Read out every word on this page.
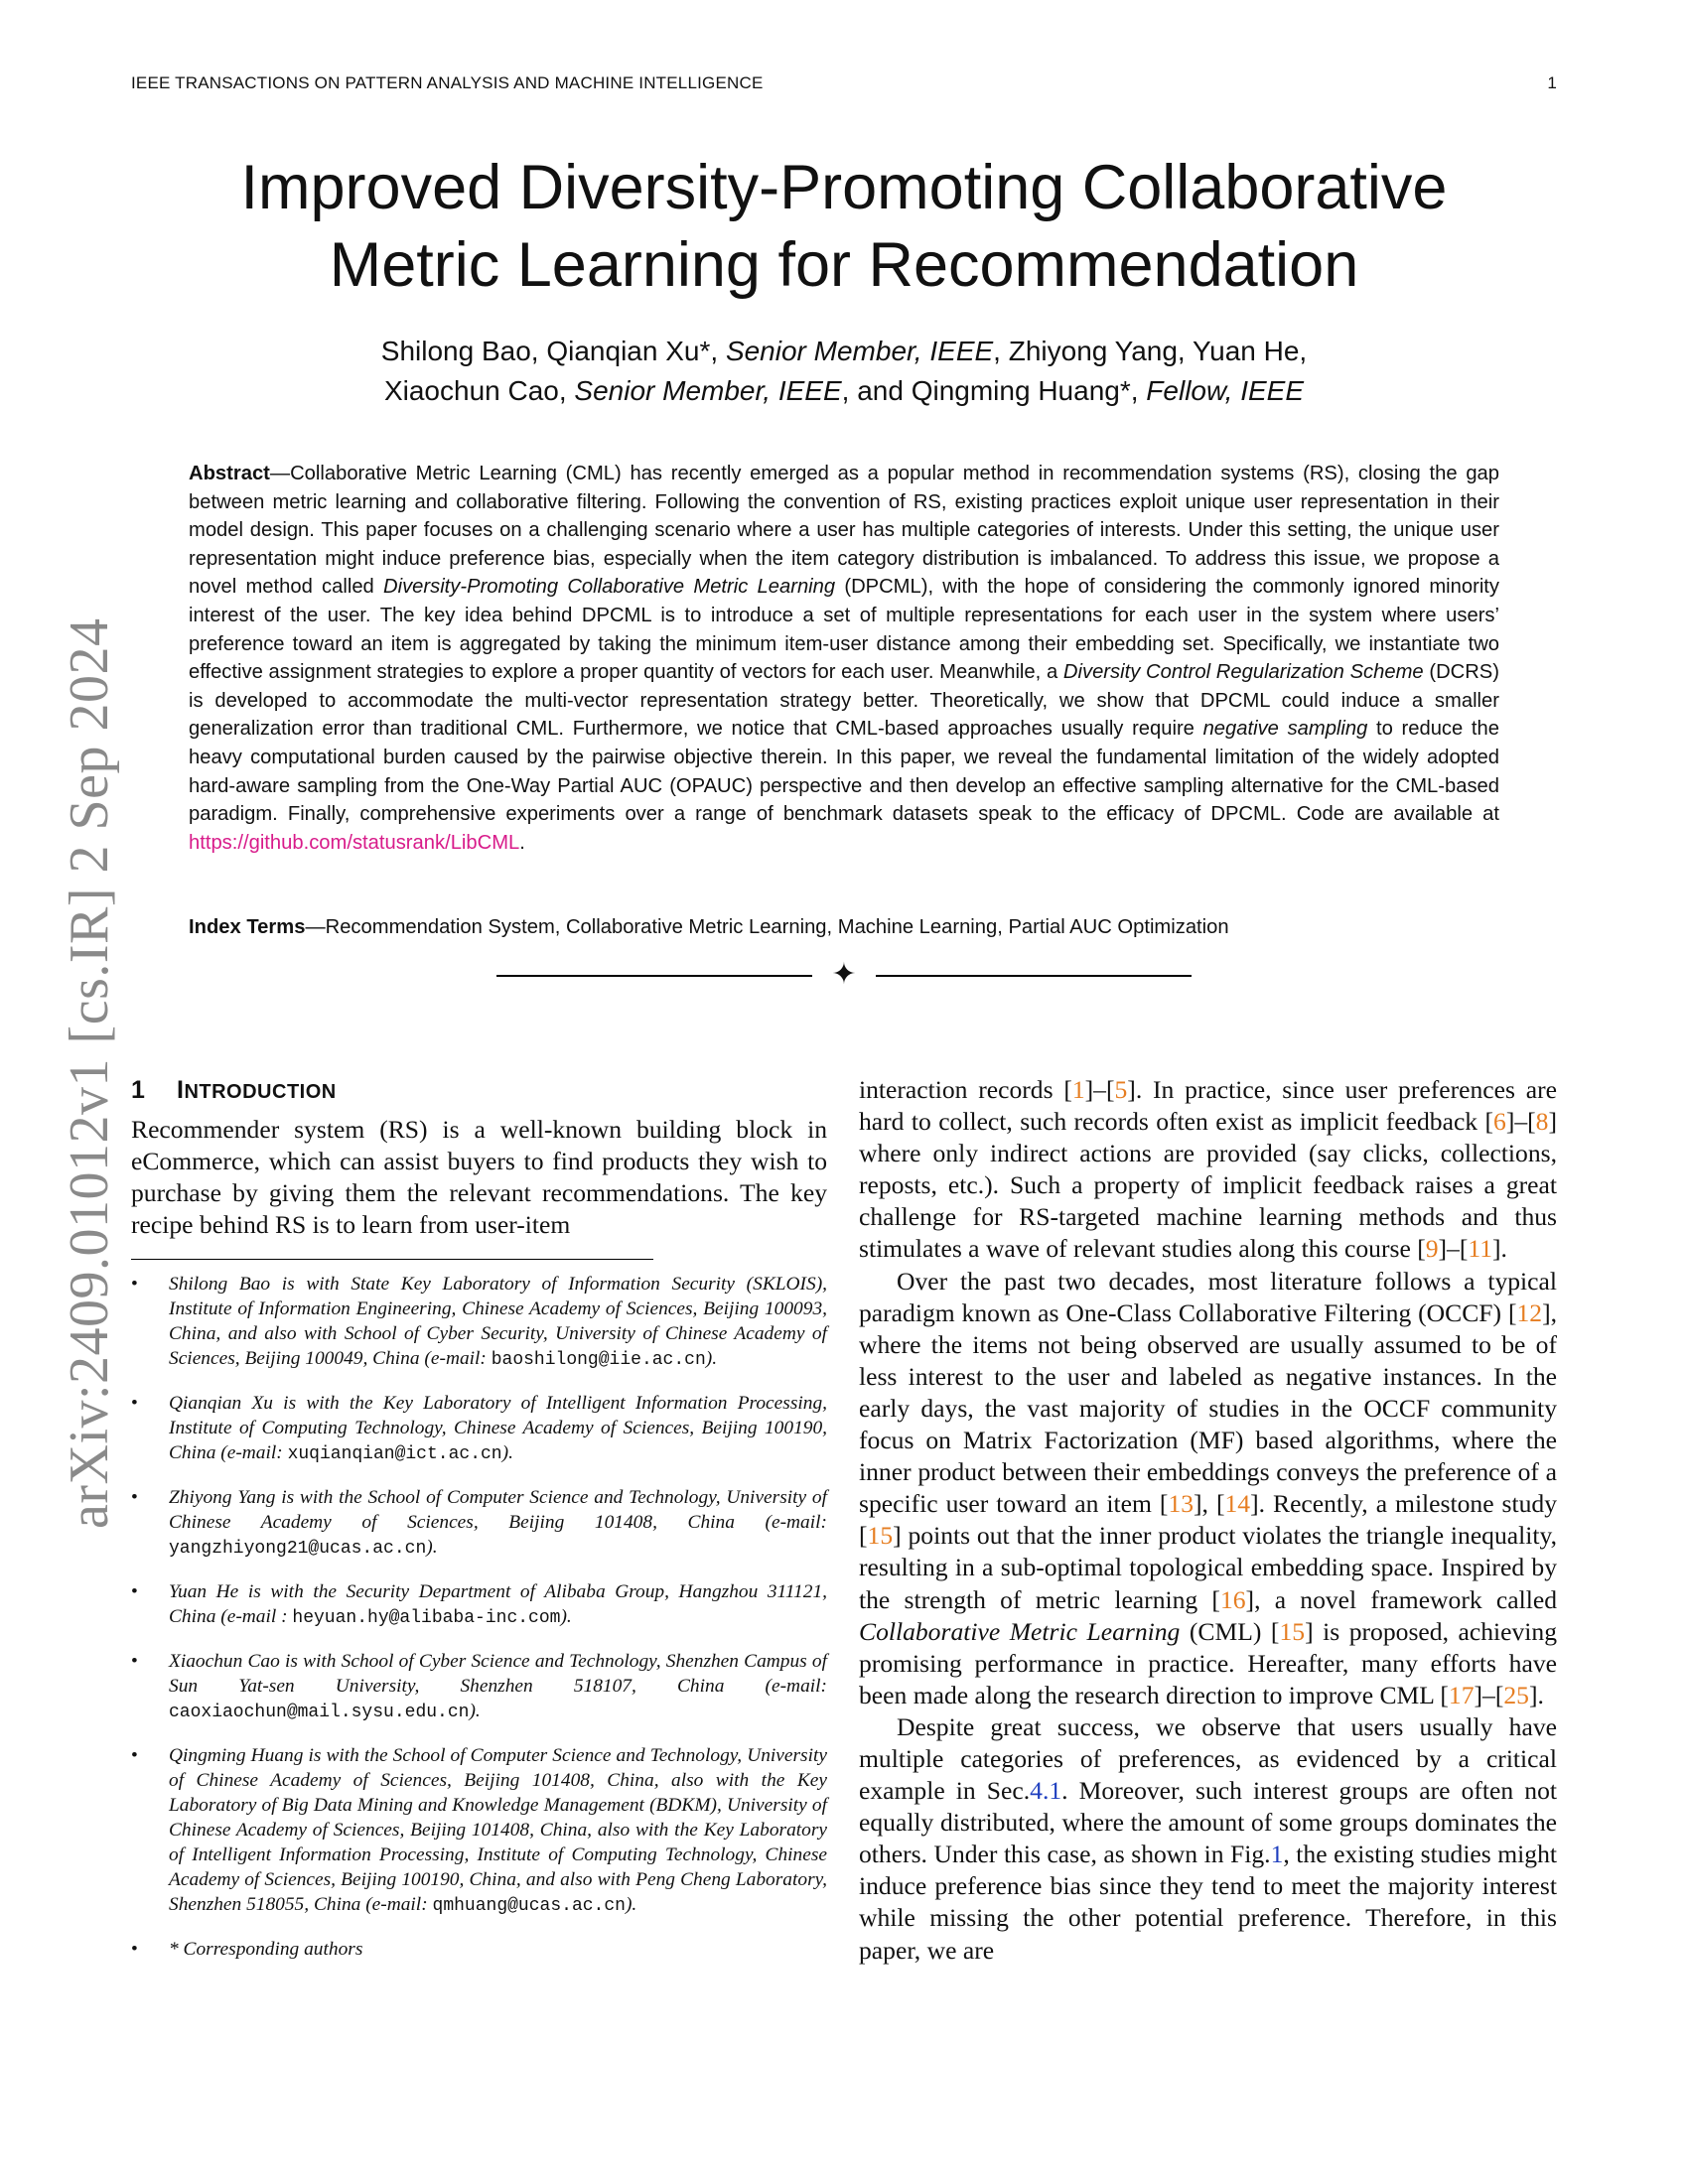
IEEE TRANSACTIONS ON PATTERN ANALYSIS AND MACHINE INTELLIGENCE	1
arXiv:2409.01012v1 [cs.IR] 2 Sep 2024
Improved Diversity-Promoting Collaborative
Metric Learning for Recommendation
Shilong Bao, Qianqian Xu*, Senior Member, IEEE, Zhiyong Yang, Yuan He,
Xiaochun Cao, Senior Member, IEEE, and Qingming Huang*, Fellow, IEEE
Abstract—Collaborative Metric Learning (CML) has recently emerged as a popular method in recommendation systems (RS), closing the gap between metric learning and collaborative filtering. Following the convention of RS, existing practices exploit unique user representation in their model design. This paper focuses on a challenging scenario where a user has multiple categories of interests. Under this setting, the unique user representation might induce preference bias, especially when the item category distribution is imbalanced. To address this issue, we propose a novel method called Diversity-Promoting Collaborative Metric Learning (DPCML), with the hope of considering the commonly ignored minority interest of the user. The key idea behind DPCML is to introduce a set of multiple representations for each user in the system where users’ preference toward an item is aggregated by taking the minimum item-user distance among their embedding set. Specifically, we instantiate two effective assignment strategies to explore a proper quantity of vectors for each user. Meanwhile, a Diversity Control Regularization Scheme (DCRS) is developed to accommodate the multi-vector representation strategy better. Theoretically, we show that DPCML could induce a smaller generalization error than traditional CML. Furthermore, we notice that CML-based approaches usually require negative sampling to reduce the heavy computational burden caused by the pairwise objective therein. In this paper, we reveal the fundamental limitation of the widely adopted hard-aware sampling from the One-Way Partial AUC (OPAUC) perspective and then develop an effective sampling alternative for the CML-based paradigm. Finally, comprehensive experiments over a range of benchmark datasets speak to the efficacy of DPCML. Code are available at https://github.com/statusrank/LibCML.
Index Terms—Recommendation System, Collaborative Metric Learning, Machine Learning, Partial AUC Optimization
✦
1 INTRODUCTION

Recommender system (RS) is a well-known building block in eCommerce, which can assist buyers to find products they wish to purchase by giving them the relevant recommendations. The key recipe behind RS is to learn from user-item

• Shilong Bao is with State Key Laboratory of Information Security (SKLOIS), Institute of Information Engineering, Chinese Academy of Sciences, Beijing 100093, China, and also with School of Cyber Security, University of Chinese Academy of Sciences, Beijing 100049, China (e-mail: baoshilong@iie.ac.cn).
• Qianqian Xu is with the Key Laboratory of Intelligent Information Processing, Institute of Computing Technology, Chinese Academy of Sciences, Beijing 100190, China (e-mail: xuqianqian@ict.ac.cn).
• Zhiyong Yang is with the School of Computer Science and Technology, University of Chinese Academy of Sciences, Beijing 101408, China (e-mail: yangzhiyong21@ucas.ac.cn).
• Yuan He is with the Security Department of Alibaba Group, Hangzhou 311121, China (e-mail : heyuan.hy@alibaba-inc.com).
• Xiaochun Cao is with School of Cyber Science and Technology, Shenzhen Campus of Sun Yat-sen University, Shenzhen 518107, China (e-mail: caoxiaochun@mail.sysu.edu.cn).
• Qingming Huang is with the School of Computer Science and Technology, University of Chinese Academy of Sciences, Beijing 101408, China, also with the Key Laboratory of Big Data Mining and Knowledge Management (BDKM), University of Chinese Academy of Sciences, Beijing 101408, China, also with the Key Laboratory of Intelligent Information Processing, Institute of Computing Technology, Chinese Academy of Sciences, Beijing 100190, China, and also with Peng Cheng Laboratory, Shenzhen 518055, China (e-mail: qmhuang@ucas.ac.cn).
• * Corresponding authors

interaction records [1]–[5]. In practice, since user preferences are hard to collect, such records often exist as implicit feedback [6]–[8] where only indirect actions are provided (say clicks, collections, reposts, etc.). Such a property of implicit feedback raises a great challenge for RS-targeted machine learning methods and thus stimulates a wave of relevant studies along this course [9]–[11].

Over the past two decades, most literature follows a typical paradigm known as One-Class Collaborative Filtering (OCCF) [12], where the items not being observed are usually assumed to be of less interest to the user and labeled as negative instances. In the early days, the vast majority of studies in the OCCF community focus on Matrix Factorization (MF) based algorithms, where the inner product between their embeddings conveys the preference of a specific user toward an item [13], [14]. Recently, a milestone study [15] points out that the inner product violates the triangle inequality, resulting in a sub-optimal topological embedding space. Inspired by the strength of metric learning [16], a novel framework called Collaborative Metric Learning (CML) [15] is proposed, achieving promising performance in practice. Hereafter, many efforts have been made along the research direction to improve CML [17]–[25].

Despite great success, we observe that users usually have multiple categories of preferences, as evidenced by a critical example in Sec.4.1. Moreover, such interest groups are often not equally distributed, where the amount of some groups dominates the others. Under this case, as shown in Fig.1, the existing studies might induce preference bias since they tend to meet the majority interest while missing the other potential preference. Therefore, in this paper, we are
